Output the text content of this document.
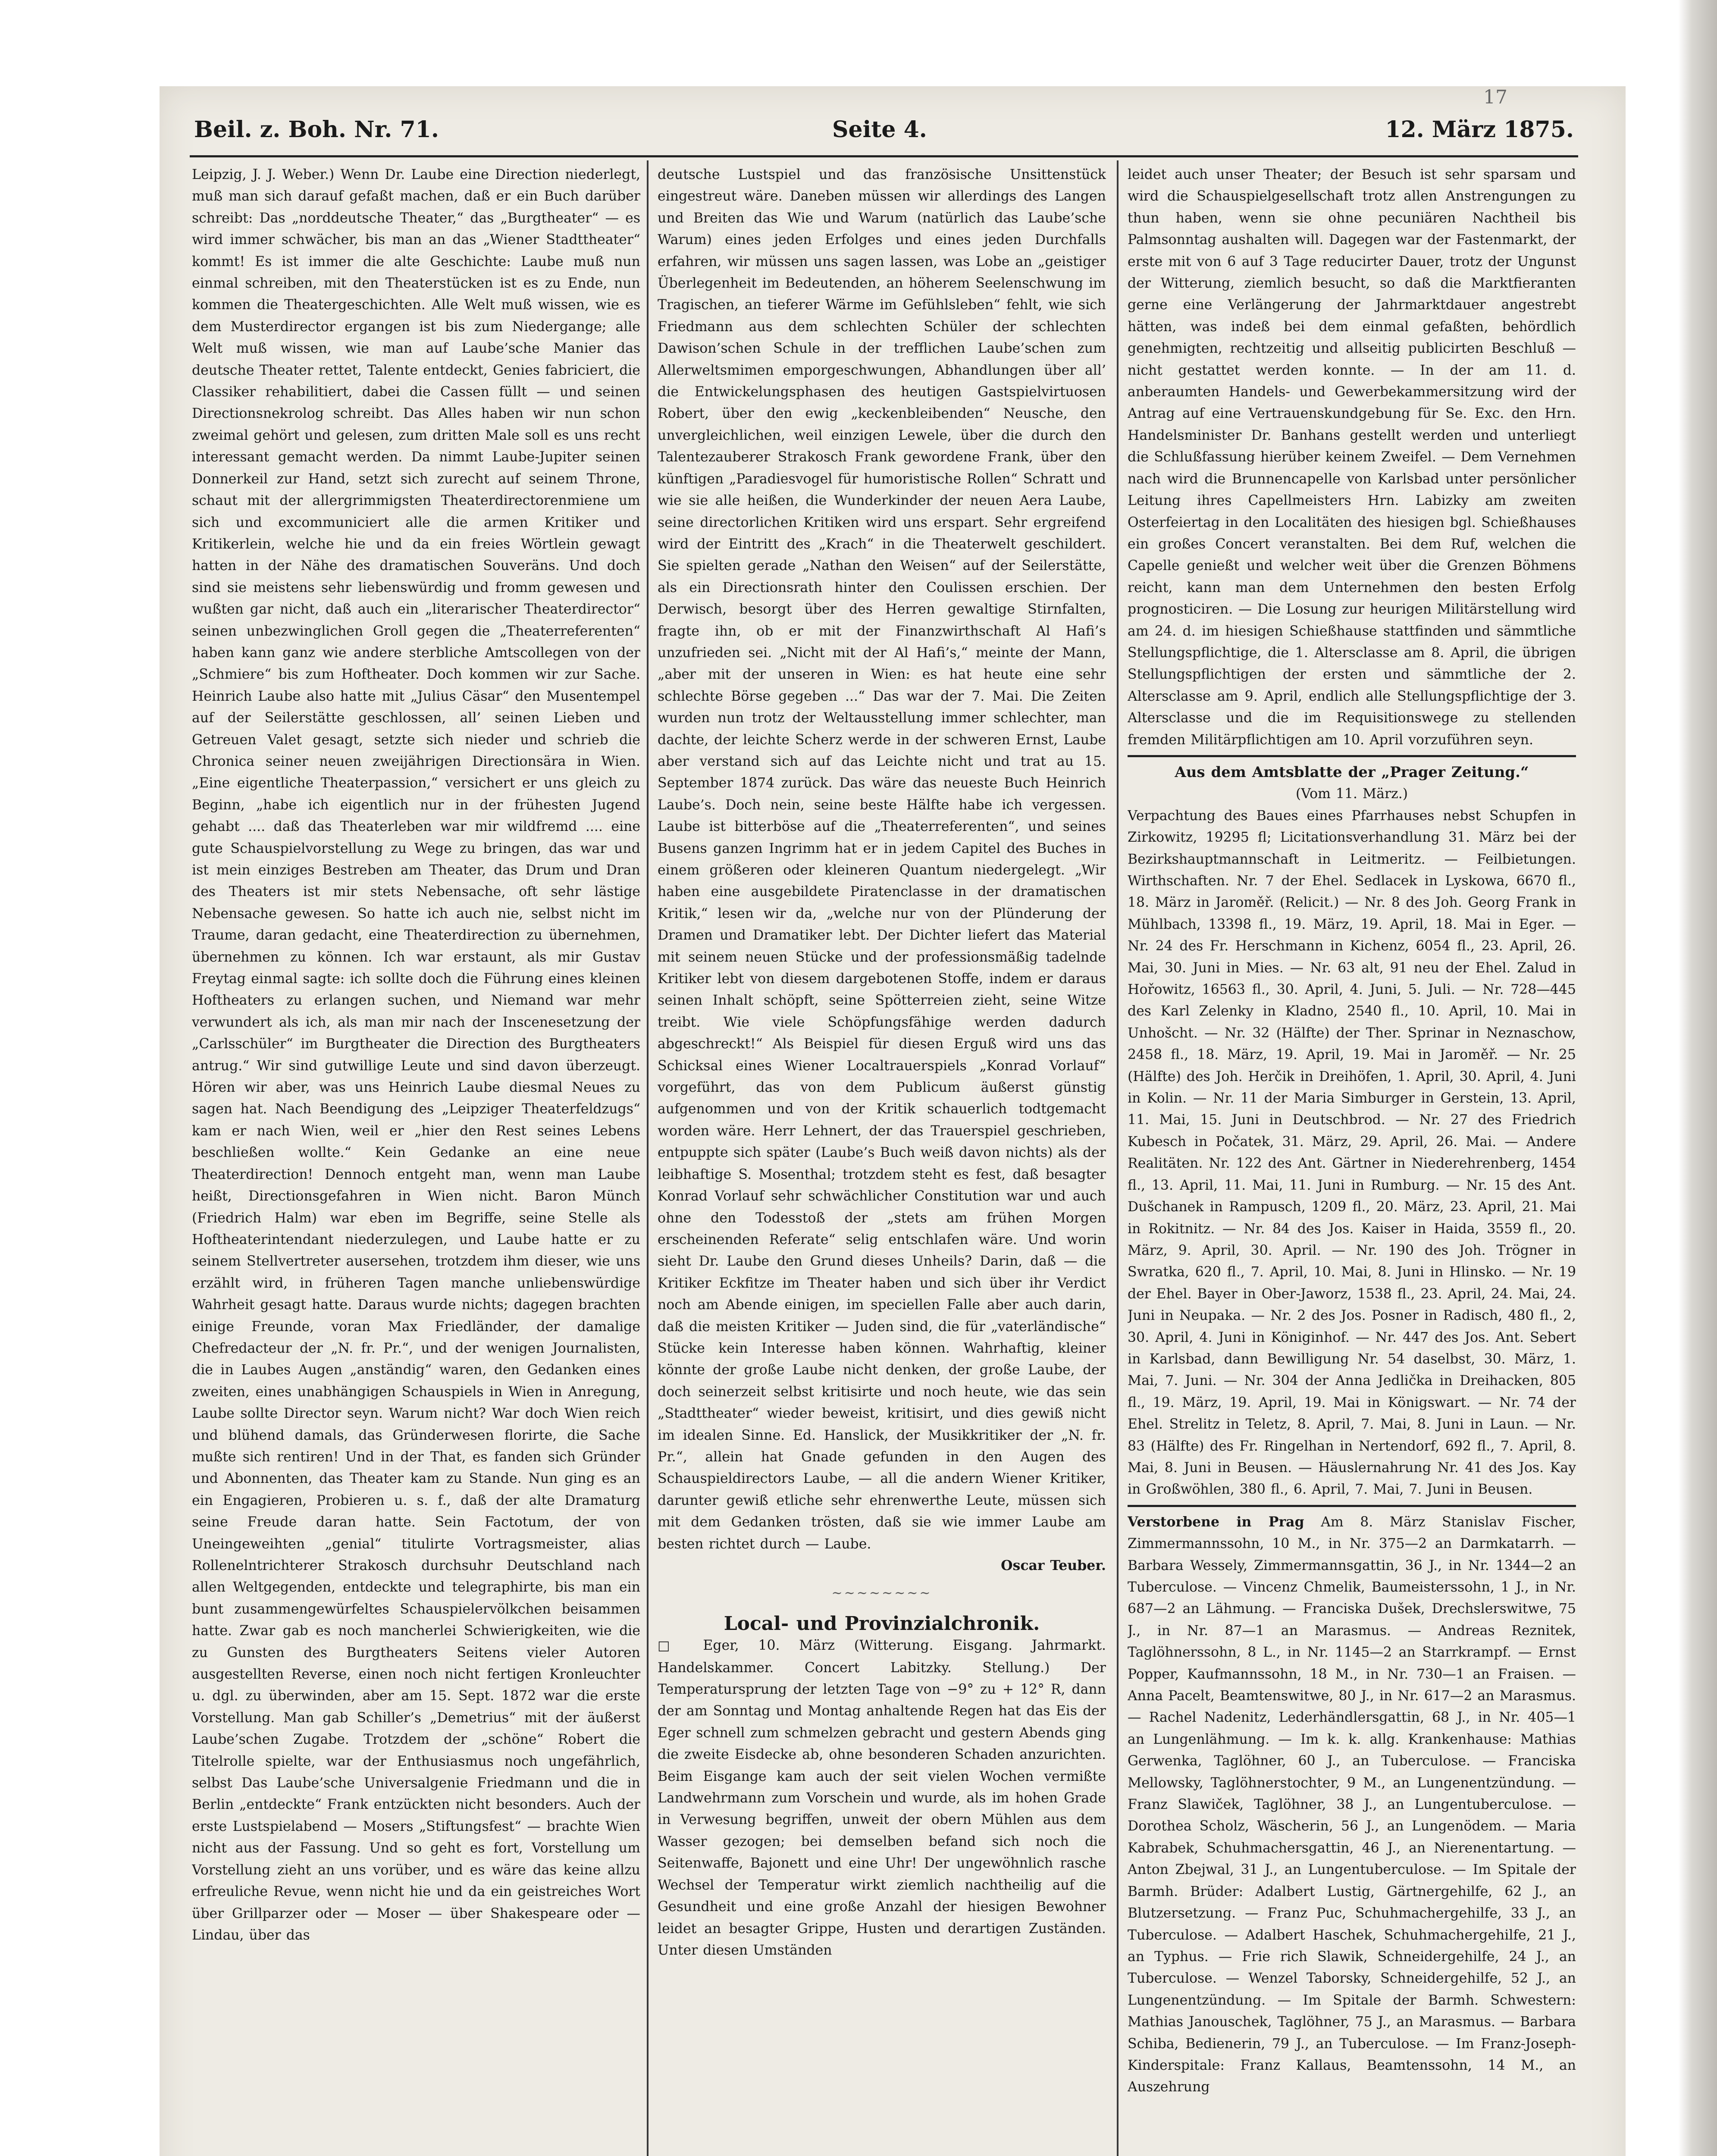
17
Beil. z. Boh. Nr. 71.	Seite 4.	12. März 1875.

Leipzig, J. J. Weber.) Wenn Dr. Laube eine Direction niederlegt, muß man sich darauf gefaßt machen, daß er ein Buch darüber schreibt: Das „norddeutsche Theater,“ das „Burgtheater“ — es wird immer schwächer, bis man an das „Wiener Stadttheater“ kommt! Es ist immer die alte Geschichte: Laube muß nun einmal schreiben, mit den Theaterstücken ist es zu Ende, nun kommen die Theatergeschichten. Alle Welt muß wissen, wie es dem Musterdirector ergangen ist bis zum Niedergange; alle Welt muß wissen, wie man auf Laube’sche Manier das deutsche Theater rettet, Talente entdeckt, Genies fabriciert, die Classiker rehabilitiert, dabei die Cassen füllt — und seinen Directionsnekrolog schreibt. Das Alles haben wir nun schon zweimal gehört und gelesen, zum dritten Male soll es uns recht interessant gemacht werden. Da nimmt Laube-Jupiter seinen Donnerkeil zur Hand, setzt sich zurecht auf seinem Throne, schaut mit der allergrimmigsten Theaterdirectorenmiene um sich und excommuniciert alle die armen Kritiker und Kritikerlein, welche hie und da ein freies Wörtlein gewagt hatten in der Nähe des dramatischen Souveräns. Und doch sind sie meistens sehr liebenswürdig und fromm gewesen und wußten gar nicht, daß auch ein „literarischer Theaterdirector“ seinen unbezwinglichen Groll gegen die „Theaterreferenten“ haben kann ganz wie andere sterbliche Amtscollegen von der „Schmiere“ bis zum Hoftheater. Doch kommen wir zur Sache. Heinrich Laube also hatte mit „Julius Cäsar“ den Musentempel auf der Seilerstätte geschlossen, all’ seinen Lieben und Getreuen Valet gesagt, setzte sich nieder und schrieb die Chronica seiner neuen zweijährigen Directionsära in Wien. „Eine eigentliche Theaterpassion,“ versichert er uns gleich zu Beginn, „habe ich eigentlich nur in der frühesten Jugend gehabt .... daß das Theaterleben war mir wildfremd .... eine gute Schauspielvorstellung zu Wege zu bringen, das war und ist mein einziges Bestreben am Theater, das Drum und Dran des Theaters ist mir stets Nebensache, oft sehr lästige Nebensache gewesen. So hatte ich auch nie, selbst nicht im Traume, daran gedacht, eine Theaterdirection zu übernehmen, übernehmen zu können. Ich war erstaunt, als mir Gustav Freytag einmal sagte: ich sollte doch die Führung eines kleinen Hoftheaters zu erlangen suchen, und Niemand war mehr verwundert als ich, als man mir nach der Inscenesetzung der „Carlsschüler“ im Burgtheater die Direction des Burgtheaters antrug.“ Wir sind gutwillige Leute und sind davon überzeugt. Hören wir aber, was uns Heinrich Laube diesmal Neues zu sagen hat. Nach Beendigung des „Leipziger Theaterfeldzugs“ kam er nach Wien, weil er „hier den Rest seines Lebens beschließen wollte.“ Kein Gedanke an eine neue Theaterdirection! Dennoch entgeht man, wenn man Laube heißt, Directionsgefahren in Wien nicht. Baron Münch (Friedrich Halm) war eben im Begriffe, seine Stelle als Hoftheaterintendant niederzulegen, und Laube hatte er zu seinem Stellvertreter ausersehen, trotzdem ihm dieser, wie uns erzählt wird, in früheren Tagen manche unliebenswürdige Wahrheit gesagt hatte. Daraus wurde nichts; dagegen brachten einige Freunde, voran Max Friedländer, der damalige Chefredacteur der „N. fr. Pr.“, und der wenigen Journalisten, die in Laubes Augen „anständig“ waren, den Gedanken eines zweiten, eines unabhängigen Schauspiels in Wien in Anregung, Laube sollte Director seyn. Warum nicht? War doch Wien reich und blühend damals, das Gründerwesen florirte, die Sache mußte sich rentiren! Und in der That, es fanden sich Gründer und Abonnenten, das Theater kam zu Stande. Nun ging es an ein Engagieren, Probieren u. s. f., daß der alte Dramaturg seine Freude daran hatte. Sein Factotum, der von Uneingeweihten „genial“ titulirte Vortragsmeister, alias Rollenelntrichterer Strakosch durchsuhr Deutschland nach allen Weltgegenden, entdeckte und telegraphirte, bis man ein bunt zusammengewürfeltes Schauspielervölkchen beisammen hatte. Zwar gab es noch mancherlei Schwierigkeiten, wie die zu Gunsten des Burgtheaters Seitens vieler Autoren ausgestellten Reverse, einen noch nicht fertigen Kronleuchter u. dgl. zu überwinden, aber am 15. Sept. 1872 war die erste Vorstellung. Man gab Schiller’s „Demetrius“ mit der äußerst Laube’schen Zugabe. Trotzdem der „schöne“ Robert die Titelrolle spielte, war der Enthusiasmus noch ungefährlich, selbst Das Laube’sche Universalgenie Friedmann und die in Berlin „entdeckte“ Frank entzückten nicht besonders. Auch der erste Lustspielabend — Mosers „Stiftungsfest“ — brachte Wien nicht aus der Fassung. Und so geht es fort, Vorstellung um Vorstellung zieht an uns vorüber, und es wäre das keine allzu erfreuliche Revue, wenn nicht hie und da ein geistreiches Wort über Grillparzer oder — Moser — über Shakespeare oder — Lindau, über das

deutsche Lustspiel und das französische Unsittenstück eingestreut wäre. Daneben müssen wir allerdings des Langen und Breiten das Wie und Warum (natürlich das Laube’sche Warum) eines jeden Erfolges und eines jeden Durchfalls erfahren, wir müssen uns sagen lassen, was Lobe an „geistiger Überlegenheit im Bedeutenden, an höherem Seelenschwung im Tragischen, an tieferer Wärme im Gefühlsleben“ fehlt, wie sich Friedmann aus dem schlechten Schüler der schlechten Dawison’schen Schule in der trefflichen Laube’schen zum Allerweltsmimen emporgeschwungen, Abhandlungen über all’ die Entwickelungsphasen des heutigen Gastspielvirtuosen Robert, über den ewig „keckenbleibenden“ Neusche, den unvergleichlichen, weil einzigen Lewele, über die durch den Talentezauberer Strakosch Frank gewordene Frank, über den künftigen „Paradiesvogel für humoristische Rollen“ Schratt und wie sie alle heißen, die Wunderkinder der neuen Aera Laube, seine directorlichen Kritiken wird uns erspart. Sehr ergreifend wird der Eintritt des „Krach“ in die Theaterwelt geschildert. Sie spielten gerade „Nathan den Weisen“ auf der Seilerstätte, als ein Directionsrath hinter den Coulissen erschien. Der Derwisch, besorgt über des Herren gewaltige Stirnfalten, fragte ihn, ob er mit der Finanzwirthschaft Al Hafi’s unzufrieden sei. „Nicht mit der Al Hafi’s,“ meinte der Mann, „aber mit der unseren in Wien: es hat heute eine sehr schlechte Börse gegeben ...“ Das war der 7. Mai. Die Zeiten wurden nun trotz der Weltausstellung immer schlechter, man dachte, der leichte Scherz werde in der schweren Ernst, Laube aber verstand sich auf das Leichte nicht und trat au 15. September 1874 zurück. Das wäre das neueste Buch Heinrich Laube’s. Doch nein, seine beste Hälfte habe ich vergessen. Laube ist bitterböse auf die „Theaterreferenten“, und seines Busens ganzen Ingrimm hat er in jedem Capitel des Buches in einem größeren oder kleineren Quantum niedergelegt. „Wir haben eine ausgebildete Piratenclasse in der dramatischen Kritik,“ lesen wir da, „welche nur von der Plünderung der Dramen und Dramatiker lebt. Der Dichter liefert das Material mit seinem neuen Stücke und der professionsmäßig tadelnde Kritiker lebt von diesem dargebotenen Stoffe, indem er daraus seinen Inhalt schöpft, seine Spötterreien zieht, seine Witze treibt. Wie viele Schöpfungsfähige werden dadurch abgeschreckt!“ Als Beispiel für diesen Erguß wird uns das Schicksal eines Wiener Localtrauerspiels „Konrad Vorlauf“ vorgeführt, das von dem Publicum äußerst günstig aufgenommen und von der Kritik schauerlich todtgemacht worden wäre. Herr Lehnert, der das Trauerspiel geschrieben, entpuppte sich später (Laube’s Buch weiß davon nichts) als der leibhaftige S. Mosenthal; trotzdem steht es fest, daß besagter Konrad Vorlauf sehr schwächlicher Constitution war und auch ohne den Todesstoß der „stets am frühen Morgen erscheinenden Referate“ selig entschlafen wäre. Und worin sieht Dr. Laube den Grund dieses Unheils? Darin, daß — die Kritiker Eckfitze im Theater haben und sich über ihr Verdict noch am Abende einigen, im speciellen Falle aber auch darin, daß die meisten Kritiker — Juden sind, die für „vaterländische“ Stücke kein Interesse haben können. Wahrhaftig, kleiner könnte der große Laube nicht denken, der große Laube, der doch seinerzeit selbst kritisirte und noch heute, wie das sein „Stadttheater“ wieder beweist, kritisirt, und dies gewiß nicht im idealen Sinne. Ed. Hanslick, der Musikkritiker der „N. fr. Pr.“, allein hat Gnade gefunden in den Augen des Schauspieldirectors Laube, — all die andern Wiener Kritiker, darunter gewiß etliche sehr ehrenwerthe Leute, müssen sich mit dem Gedanken trösten, daß sie wie immer Laube am besten richtet durch — Laube.

Oscar Teuber.

∼∼∼∼∼∼∼∼

Local- und Provinzialchronik.

□ Eger, 10. März (Witterung. Eisgang. Jahrmarkt. Handelskammer. Concert Labitzky. Stellung.) Der Temperatursprung der letzten Tage von −9° zu + 12° R, dann der am Sonntag und Montag anhaltende Regen hat das Eis der Eger schnell zum schmelzen gebracht und gestern Abends ging die zweite Eisdecke ab, ohne besonderen Schaden anzurichten. Beim Eisgange kam auch der seit vielen Wochen vermißte Landwehrmann zum Vorschein und wurde, als im hohen Grade in Verwesung begriffen, unweit der obern Mühlen aus dem Wasser gezogen; bei demselben befand sich noch die Seitenwaffe, Bajonett und eine Uhr! Der ungewöhnlich rasche Wechsel der Temperatur wirkt ziemlich nachtheilig auf die Gesundheit und eine große Anzahl der hiesigen Bewohner leidet an besagter Grippe, Husten und derartigen Zuständen. Unter diesen Umständen

leidet auch unser Theater; der Besuch ist sehr sparsam und wird die Schauspielgesellschaft trotz allen Anstrengungen zu thun haben, wenn sie ohne pecuniären Nachtheil bis Palmsonntag aushalten will. Dagegen war der Fastenmarkt, der erste mit von 6 auf 3 Tage reducirter Dauer, trotz der Ungunst der Witterung, ziemlich besucht, so daß die Marktfieranten gerne eine Verlängerung der Jahrmarktdauer angestrebt hätten, was indeß bei dem einmal gefaßten, behördlich genehmigten, rechtzeitig und allseitig publicirten Beschluß — nicht gestattet werden konnte. — In der am 11. d. anberaumten Handels- und Gewerbekammersitzung wird der Antrag auf eine Vertrauenskundgebung für Se. Exc. den Hrn. Handelsminister Dr. Banhans gestellt werden und unterliegt die Schlußfassung hierüber keinem Zweifel. — Dem Vernehmen nach wird die Brunnencapelle von Karlsbad unter persönlicher Leitung ihres Capellmeisters Hrn. Labizky am zweiten Osterfeiertag in den Localitäten des hiesigen bgl. Schießhauses ein großes Concert veranstalten. Bei dem Ruf, welchen die Capelle genießt und welcher weit über die Grenzen Böhmens reicht, kann man dem Unternehmen den besten Erfolg prognosticiren. — Die Losung zur heurigen Militärstellung wird am 24. d. im hiesigen Schießhause stattfinden und sämmtliche Stellungspflichtige, die 1. Altersclasse am 8. April, die übrigen Stellungspflichtigen der ersten und sämmtliche der 2. Altersclasse am 9. April, endlich alle Stellungspflichtige der 3. Altersclasse und die im Requisitionswege zu stellenden fremden Militärpflichtigen am 10. April vorzuführen seyn.

Aus dem Amtsblatte der „Prager Zeitung.“

(Vom 11. März.)

Verpachtung des Baues eines Pfarrhauses nebst Schupfen in Zirkowitz, 19295 fl; Licitationsverhandlung 31. März bei der Bezirkshauptmannschaft in Leitmeritz. — Feilbietungen. Wirthschaften. Nr. 7 der Ehel. Sedlacek in Lyskowa, 6670 fl., 18. März in Jaroměř. (Relicit.) — Nr. 8 des Joh. Georg Frank in Mühlbach, 13398 fl., 19. März, 19. April, 18. Mai in Eger. — Nr. 24 des Fr. Herschmann in Kichenz, 6054 fl., 23. April, 26. Mai, 30. Juni in Mies. — Nr. 63 alt, 91 neu der Ehel. Zalud in Hořowitz, 16563 fl., 30. April, 4. Juni, 5. Juli. — Nr. 728—445 des Karl Zelenky in Kladno, 2540 fl., 10. April, 10. Mai in Unhošcht. — Nr. 32 (Hälfte) der Ther. Sprinar in Neznaschow, 2458 fl., 18. März, 19. April, 19. Mai in Jaroměř. — Nr. 25 (Hälfte) des Joh. Herčik in Dreihöfen, 1. April, 30. April, 4. Juni in Kolin. — Nr. 11 der Maria Simburger in Gerstein, 13. April, 11. Mai, 15. Juni in Deutschbrod. — Nr. 27 des Friedrich Kubesch in Počatek, 31. März, 29. April, 26. Mai. — Andere Realitäten. Nr. 122 des Ant. Gärtner in Niederehrenberg, 1454 fl., 13. April, 11. Mai, 11. Juni in Rumburg. — Nr. 15 des Ant. Dušchanek in Rampusch, 1209 fl., 20. März, 23. April, 21. Mai in Rokitnitz. — Nr. 84 des Jos. Kaiser in Haida, 3559 fl., 20. März, 9. April, 30. April. — Nr. 190 des Joh. Trögner in Swratka, 620 fl., 7. April, 10. Mai, 8. Juni in Hlinsko. — Nr. 19 der Ehel. Bayer in Ober-Jaworz, 1538 fl., 23. April, 24. Mai, 24. Juni in Neupaka. — Nr. 2 des Jos. Posner in Radisch, 480 fl., 2, 30. April, 4. Juni in Königinhof. — Nr. 447 des Jos. Ant. Sebert in Karlsbad, dann Bewilligung Nr. 54 daselbst, 30. März, 1. Mai, 7. Juni. — Nr. 304 der Anna Jedlička in Dreihacken, 805 fl., 19. März, 19. April, 19. Mai in Königswart. — Nr. 74 der Ehel. Strelitz in Teletz, 8. April, 7. Mai, 8. Juni in Laun. — Nr. 83 (Hälfte) des Fr. Ringelhan in Nertendorf, 692 fl., 7. April, 8. Mai, 8. Juni in Beusen. — Häuslernahrung Nr. 41 des Jos. Kay in Großwöhlen, 380 fl., 6. April, 7. Mai, 7. Juni in Beusen.

Verstorbene in Prag Am 8. März Stanislav Fischer, Zimmermannssohn, 10 M., in Nr. 375—2 an Darmkatarrh. — Barbara Wessely, Zimmermannsgattin, 36 J., in Nr. 1344—2 an Tuberculose. — Vincenz Chmelik, Baumeisterssohn, 1 J., in Nr. 687—2 an Lähmung. — Franciska Dušek, Drechslerswitwe, 75 J., in Nr. 87—1 an Marasmus. — Andreas Reznitek, Taglöhnerssohn, 8 L., in Nr. 1145—2 an Starrkrampf. — Ernst Popper, Kaufmannssohn, 18 M., in Nr. 730—1 an Fraisen. — Anna Pacelt, Beamtenswitwe, 80 J., in Nr. 617—2 an Marasmus. — Rachel Nadenitz, Lederhändlersgattin, 68 J., in Nr. 405—1 an Lungenlähmung. — Im k. k. allg. Krankenhause: Mathias Gerwenka, Taglöhner, 60 J., an Tuberculose. — Franciska Mellowsky, Taglöhnerstochter, 9 M., an Lungenentzündung. — Franz Slawiček, Taglöhner, 38 J., an Lungentuberculose. — Dorothea Scholz, Wäscherin, 56 J., an Lungenödem. — Maria Kabrabek, Schuhmachersgattin, 46 J., an Nierenentartung. — Anton Zbejwal, 31 J., an Lungentuberculose. — Im Spitale der Barmh. Brüder: Adalbert Lustig, Gärtnergehilfe, 62 J., an Blutzersetzung. — Franz Puc, Schuhmachergehilfe, 33 J., an Tuberculose. — Adalbert Haschek, Schuhmachergehilfe, 21 J., an Typhus. — Frie rich Slawik, Schneidergehilfe, 24 J., an Tuberculose. — Wenzel Taborsky, Schneidergehilfe, 52 J., an Lungenentzündung. — Im Spitale der Barmh. Schwestern: Mathias Janouschek, Taglöhner, 75 J., an Marasmus. — Barbara Schiba, Bedienerin, 79 J., an Tuberculose. — Im Franz-Joseph-Kinderspitale: Franz Kallaus, Beamtenssohn, 14 M., an Auszehrung
